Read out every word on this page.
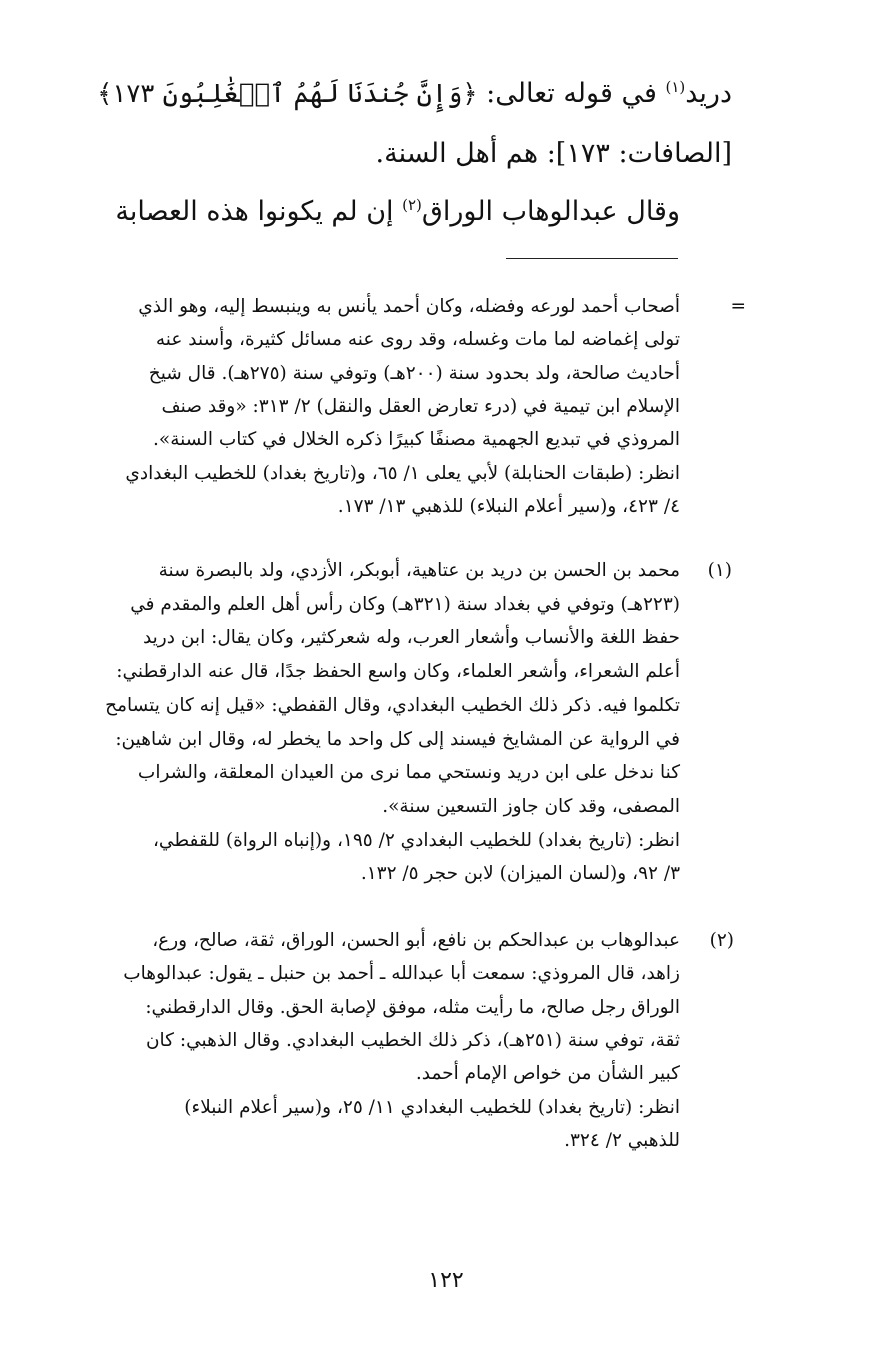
دريد$^{(١)}$ في قوله تعالى: ﴿وَإِنَّ جُندَنَا لَهُمُ ٱلۡغَٰلِبُونَ ١٧٣﴾
[الصافات: ١٧٣]: هم أهل السنة.
وقال عبدالوهاب الوراق$^{(٢)}$ إن لم يكونوا هذه العصابة
=
(١)
(٢)
أصحاب أحمد لورعه وفضله، وكان أحمد يأنس به وينبسط إليه، وهو الذي
تولى إغماضه لما مات وغسله، وقد روى عنه مسائل كثيرة، وأسند عنه
أحاديث صالحة، ولد بحدود سنة (٢٠٠هـ) وتوفي سنة (٢٧٥هـ). قال شيخ
الإسلام ابن تيمية في (درء تعارض العقل والنقل) ٢/ ٣١٣: «وقد صنف
المروذي في تبديع الجهمية مصنفًا كبيرًا ذكره الخلال في كتاب السنة».
انظر: (طبقات الحنابلة) لأبي يعلى ١/ ٦٥، و(تاريخ بغداد) للخطيب البغدادي
٤/ ٤٢٣، و(سير أعلام النبلاء) للذهبي ١٣/ ١٧٣.
محمد بن الحسن بن دريد بن عتاهية، أبوبكر، الأزدي، ولد بالبصرة سنة
(٢٢٣هـ) وتوفي في بغداد سنة (٣٢١هـ) وكان رأس أهل العلم والمقدم في
حفظ اللغة والأنساب وأشعار العرب، وله شعركثير، وكان يقال: ابن دريد
أعلم الشعراء، وأشعر العلماء، وكان واسع الحفظ جدًا، قال عنه الدارقطني:
تكلموا فيه. ذكر ذلك الخطيب البغدادي، وقال القفطي: «قيل إنه كان يتسامح
في الرواية عن المشايخ فيسند إلى كل واحد ما يخطر له، وقال ابن شاهين:
كنا ندخل على ابن دريد ونستحي مما نرى من العيدان المعلقة، والشراب
المصفى، وقد كان جاوز التسعين سنة».
انظر: (تاريخ بغداد) للخطيب البغدادي ٢/ ١٩٥، و(إنباه الرواة) للقفطي،
٣/ ٩٢، و(لسان الميزان) لابن حجر ٥/ ١٣٢.
عبدالوهاب بن عبدالحكم بن نافع، أبو الحسن، الوراق، ثقة، صالح، ورع،
زاهد، قال المروذي: سمعت أبا عبدالله ـ أحمد بن حنبل ـ يقول: عبدالوهاب
الوراق رجل صالح، ما رأيت مثله، موفق لإصابة الحق. وقال الدارقطني:
ثقة، توفي سنة (٢٥١هـ)، ذكر ذلك الخطيب البغدادي. وقال الذهبي: كان
كبير الشأن من خواص الإمام أحمد.
انظر: (تاريخ بغداد) للخطيب البغدادي ١١/ ٢٥، و(سير أعلام النبلاء)
للذهبي ٢/ ٣٢٤.
١٢٢
